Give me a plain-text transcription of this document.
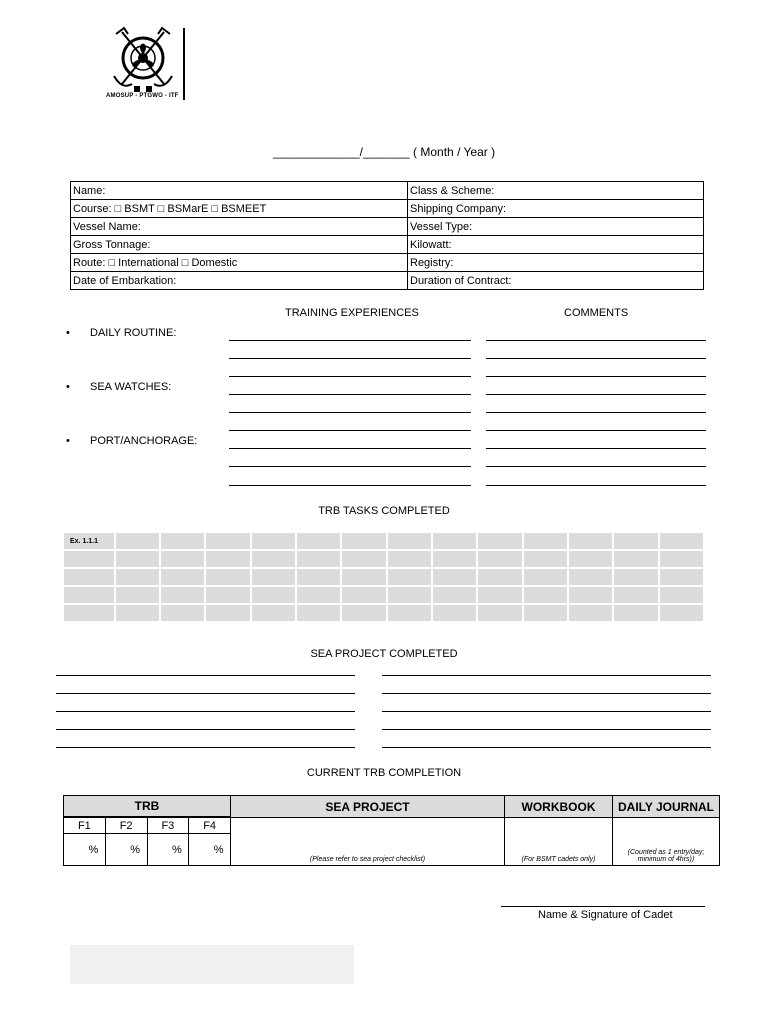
AMOSUP - PTGWO - ITF
_____________/_______ ( Month / Year )
Name:	Class & Scheme:
Course: □ BSMT □ BSMarE □ BSMEET	Shipping Company:
Vessel Name:	Vessel Type:
Gross Tonnage:	Kilowatt:
Route: □ International □ Domestic	Registry:
Date of Embarkation:	Duration of Contract:
TRAINING EXPERIENCES	COMMENTS
• DAILY ROUTINE:
• SEA WATCHES:
• PORT/ANCHORAGE:
TRB TASKS COMPLETED
Ex. 1.1.1													

SEA PROJECT COMPLETED
CURRENT TRB COMPLETION
TRB				SEA PROJECT	WORKBOOK	DAILY JOURNAL

F1	F2	F3	F4	(Please refer to sea project checklist)	(For BSMT cadets only)	(Counted as 1 entry/day; minimum of 4hrs))
%	%	%	%			
Name & Signature of Cadet
